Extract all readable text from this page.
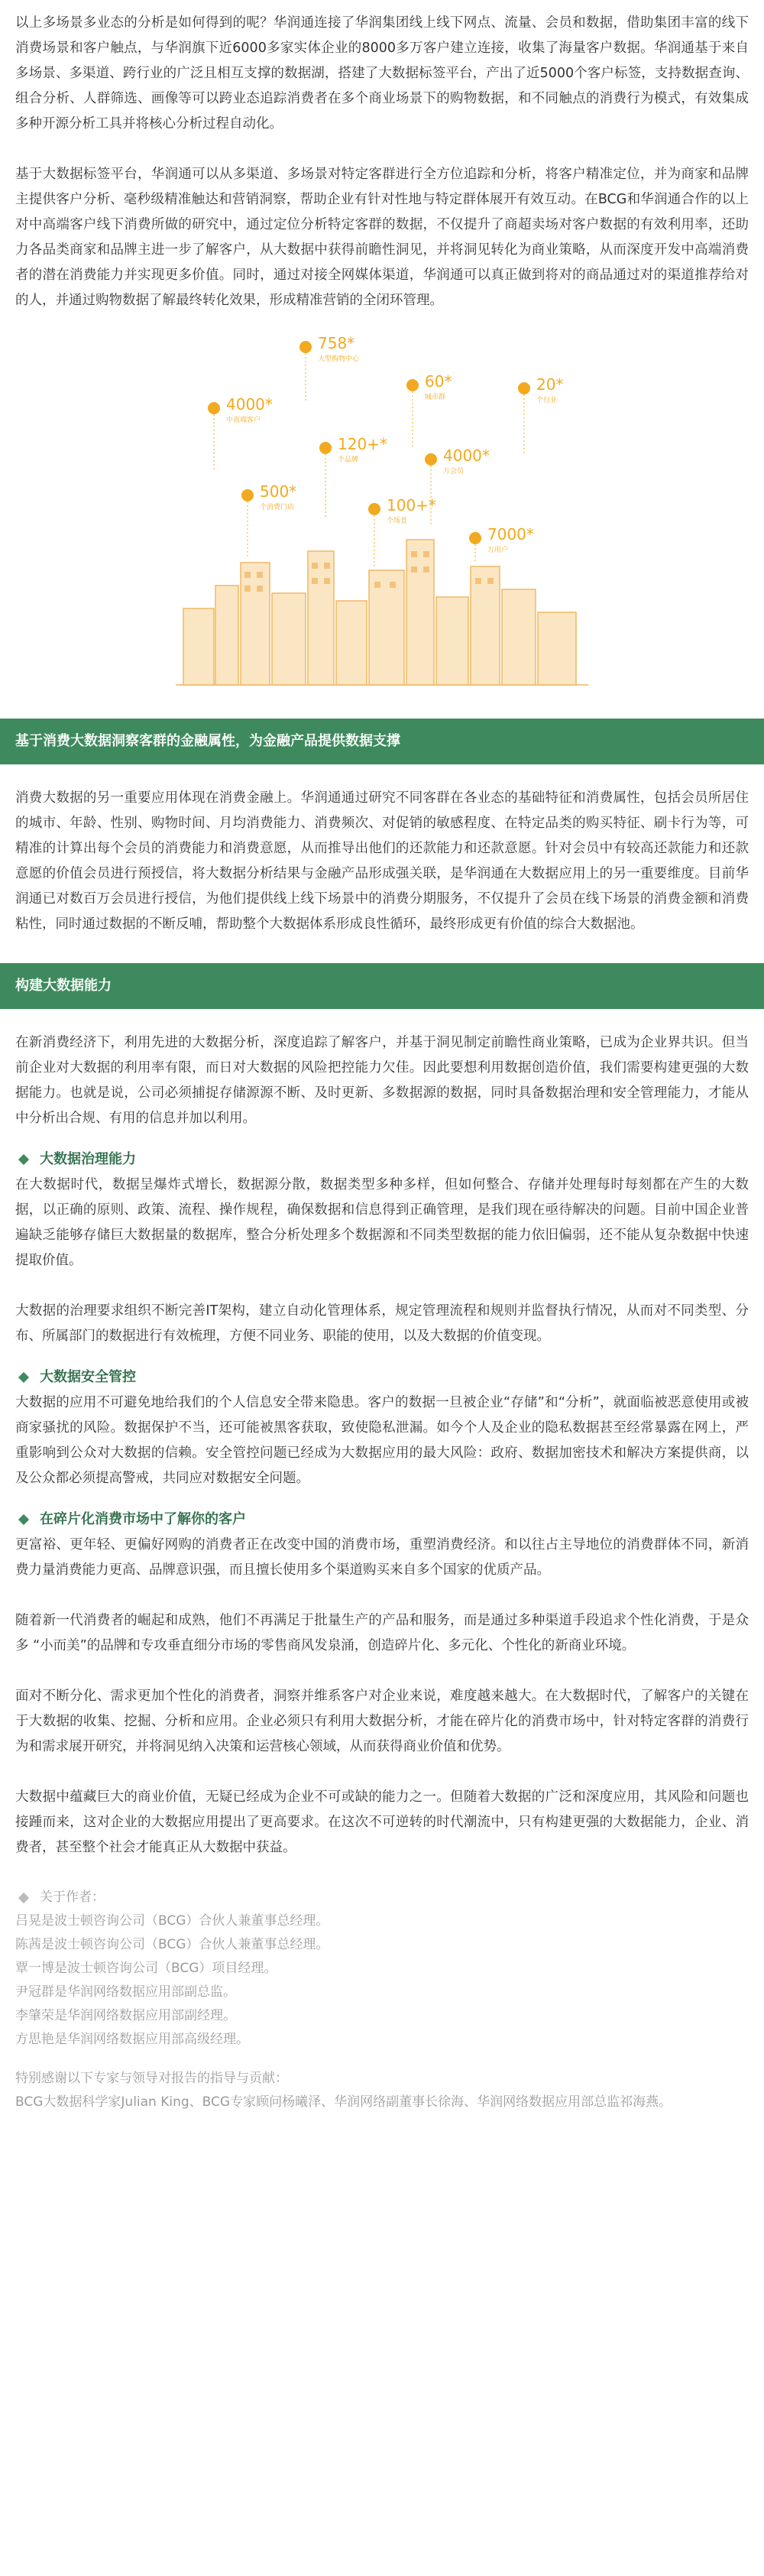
以上多场景多业态的分析是如何得到的呢？华润通连接了华润集团线上线下网点、流量、会员和数据，借助集团丰富的线下消费场景和客户触点，与华润旗下近6000多家实体企业的8000多万客户建立连接，收集了海量客户数据。华润通基于来自多场景、多渠道、跨行业的广泛且相互支撑的数据湖，搭建了大数据标签平台，产出了近5000个客户标签，支持数据查询、组合分析、人群筛选、画像等可以跨业态追踪消费者在多个商业场景下的购物数据，和不同触点的消费行为模式，有效集成多种开源分析工具并将核心分析过程自动化。

基于大数据标签平台，华润通可以从多渠道、多场景对特定客群进行全方位追踪和分析，将客户精准定位，并为商家和品牌主提供客户分析、毫秒级精准触达和营销洞察，帮助企业有针对性地与特定群体展开有效互动。在BCG和华润通合作的以上对中高端客户线下消费所做的研究中，通过定位分析特定客群的数据，不仅提升了商超卖场对客户数据的有效利用率，还助力各品类商家和品牌主进一步了解客户，从大数据中获得前瞻性洞见，并将洞见转化为商业策略，从而深度开发中高端消费者的潜在消费能力并实现更多价值。同时，通过对接全网媒体渠道，华润通可以真正做到将对的商品通过对的渠道推荐给对的人，并通过购物数据了解最终转化效果，形成精准营销的全闭环管理。

758*
大型购物中心
4000*
中高端客户
60*
城市群
20*
个行业
120+*
个品牌	4000*
万会员
500*
个消费门店	100+*
个场景
7000*
万用户
基于消费大数据洞察客群的金融属性，为金融产品提供数据支撑

消费大数据的另一重要应用体现在消费金融上。华润通通过研究不同客群在各业态的基础特征和消费属性，包括会员所居住的城市、年龄、性别、购物时间、月均消费能力、消费频次、对促销的敏感程度、在特定品类的购买特征、刷卡行为等，可精准的计算出每个会员的消费能力和消费意愿，从而推导出他们的还款能力和还款意愿。针对会员中有较高还款能力和还款意愿的价值会员进行预授信，将大数据分析结果与金融产品形成强关联，是华润通在大数据应用上的另一重要维度。目前华润通已对数百万会员进行授信，为他们提供线上线下场景中的消费分期服务，不仅提升了会员在线下场景的消费金额和消费粘性，同时通过数据的不断反哺，帮助整个大数据体系形成良性循环，最终形成更有价值的综合大数据池。

构建大数据能力

在新消费经济下，利用先进的大数据分析，深度追踪了解客户，并基于洞见制定前瞻性商业策略，已成为企业界共识。但当前企业对大数据的利用率有限，而日对大数据的风险把控能力欠佳。因此要想利用数据创造价值，我们需要构建更强的大数据能力。也就是说，公司必须捕捉存储源源不断、及时更新、多数据源的数据，同时具备数据治理和安全管理能力，才能从中分析出合规、有用的信息并加以利用。

大数据治理能力

在大数据时代，数据呈爆炸式增长，数据源分散，数据类型多种多样，但如何整合、存储并处理每时每刻都在产生的大数据，以正确的原则、政策、流程、操作规程，确保数据和信息得到正确管理，是我们现在亟待解决的问题。目前中国企业普遍缺乏能够存储巨大数据量的数据库，整合分析处理多个数据源和不同类型数据的能力依旧偏弱，还不能从复杂数据中快速提取价值。

大数据的治理要求组织不断完善IT架构，建立自动化管理体系，规定管理流程和规则并监督执行情况，从而对不同类型、分布、所属部门的数据进行有效梳理，方便不同业务、职能的使用，以及大数据的价值变现。

大数据安全管控

大数据的应用不可避免地给我们的个人信息安全带来隐患。客户的数据一旦被企业“存储”和“分析”，就面临被恶意使用或被商家骚扰的风险。数据保护不当，还可能被黑客获取，致使隐私泄漏。如今个人及企业的隐私数据甚至经常暴露在网上，严重影响到公众对大数据的信赖。安全管控问题已经成为大数据应用的最大风险：政府、数据加密技术和解决方案提供商，以及公众都必须提高警戒，共同应对数据安全问题。

在碎片化消费市场中了解你的客户

更富裕、更年轻、更偏好网购的消费者正在改变中国的消费市场，重塑消费经济。和以往占主导地位的消费群体不同，新消费力量消费能力更高、品牌意识强，而且擅长使用多个渠道购买来自多个国家的优质产品。

随着新一代消费者的崛起和成熟，他们不再满足于批量生产的产品和服务，而是通过多种渠道手段追求个性化消费，于是众多 “小而美”的品牌和专攻垂直细分市场的零售商风发泉涌，创造碎片化、多元化、个性化的新商业环境。

面对不断分化、需求更加个性化的消费者，洞察并维系客户对企业来说，难度越来越大。在大数据时代，了解客户的关键在于大数据的收集、挖掘、分析和应用。企业必须只有利用大数据分析，才能在碎片化的消费市场中，针对特定客群的消费行为和需求展开研究，并将洞见纳入决策和运营核心领域，从而获得商业价值和优势。

大数据中蕴藏巨大的商业价值，无疑已经成为企业不可或缺的能力之一。但随着大数据的广泛和深度应用，其风险和问题也接踵而来，这对企业的大数据应用提出了更高要求。在这次不可逆转的时代潮流中，只有构建更强的大数据能力，企业、消费者，甚至整个社会才能真正从大数据中获益。

关于作者：
吕晃是波士顿咨询公司（BCG）合伙人兼董事总经理。
陈茜是波士顿咨询公司（BCG）合伙人兼董事总经理。
覃一博是波士顿咨询公司（BCG）项目经理。
尹冠群是华润网络数据应用部副总监。
李肇荣是华润网络数据应用部副经理。
方思艳是华润网络数据应用部高级经理。
特别感谢以下专家与领导对报告的指导与贡献：
BCG大数据科学家Julian King、BCG专家顾问杨曦泽、华润网络副董事长徐海、华润网络数据应用部总监祁海燕。
